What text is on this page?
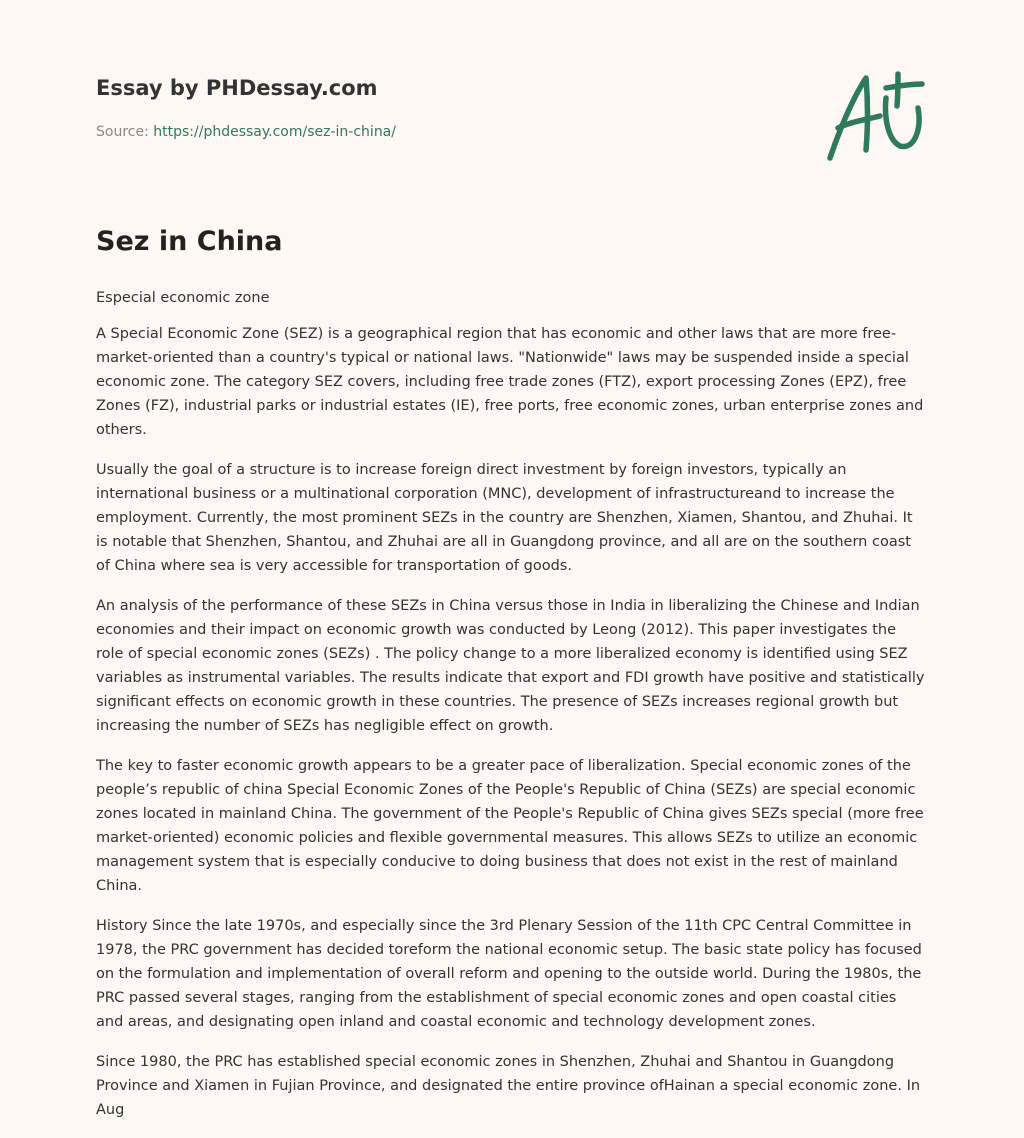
Essay by PHDessay.com
Source: https://phdessay.com/sez-in-china/
Sez in China

Especial economic zone

A Special Economic Zone (SEZ) is a geographical region that has economic and other laws that are more free-market-oriented than a country's typical or national laws. "Nationwide" laws may be suspended inside a special economic zone. The category SEZ covers, including free trade zones (FTZ), export processing Zones (EPZ), free Zones (FZ), industrial parks or industrial estates (IE), free ports, free economic zones, urban enterprise zones and others.

Usually the goal of a structure is to increase foreign direct investment by foreign investors, typically an international business or a multinational corporation (MNC), development of infrastructureand to increase the employment. Currently, the most prominent SEZs in the country are Shenzhen, Xiamen, Shantou, and Zhuhai. It is notable that Shenzhen, Shantou, and Zhuhai are all in Guangdong province, and all are on the southern coast of China where sea is very accessible for transportation of goods.

An analysis of the performance of these SEZs in China versus those in India in liberalizing the Chinese and Indian economies and their impact on economic growth was conducted by Leong (2012). This paper investigates the role of special economic zones (SEZs) . The policy change to a more liberalized economy is identified using SEZ variables as instrumental variables. The results indicate that export and FDI growth have positive and statistically significant effects on economic growth in these countries. The presence of SEZs increases regional growth but increasing the number of SEZs has negligible effect on growth.

The key to faster economic growth appears to be a greater pace of liberalization. Special economic zones of the people’s republic of china Special Economic Zones of the People's Republic of China (SEZs) are special economic zones located in mainland China. The government of the People's Republic of China gives SEZs special (more free market-oriented) economic policies and flexible governmental measures. This allows SEZs to utilize an economic management system that is especially conducive to doing business that does not exist in the rest of mainland China.

History Since the late 1970s, and especially since the 3rd Plenary Session of the 11th CPC Central Committee in 1978, the PRC government has decided toreform the national economic setup. The basic state policy has focused on the formulation and implementation of overall reform and opening to the outside world. During the 1980s, the PRC passed several stages, ranging from the establishment of special economic zones and open coastal cities and areas, and designating open inland and coastal economic and technology development zones.

Since 1980, the PRC has established special economic zones in Shenzhen, Zhuhai and Shantou in Guangdong Province and Xiamen in Fujian Province, and designated the entire province ofHainan a special economic zone. In Aug
